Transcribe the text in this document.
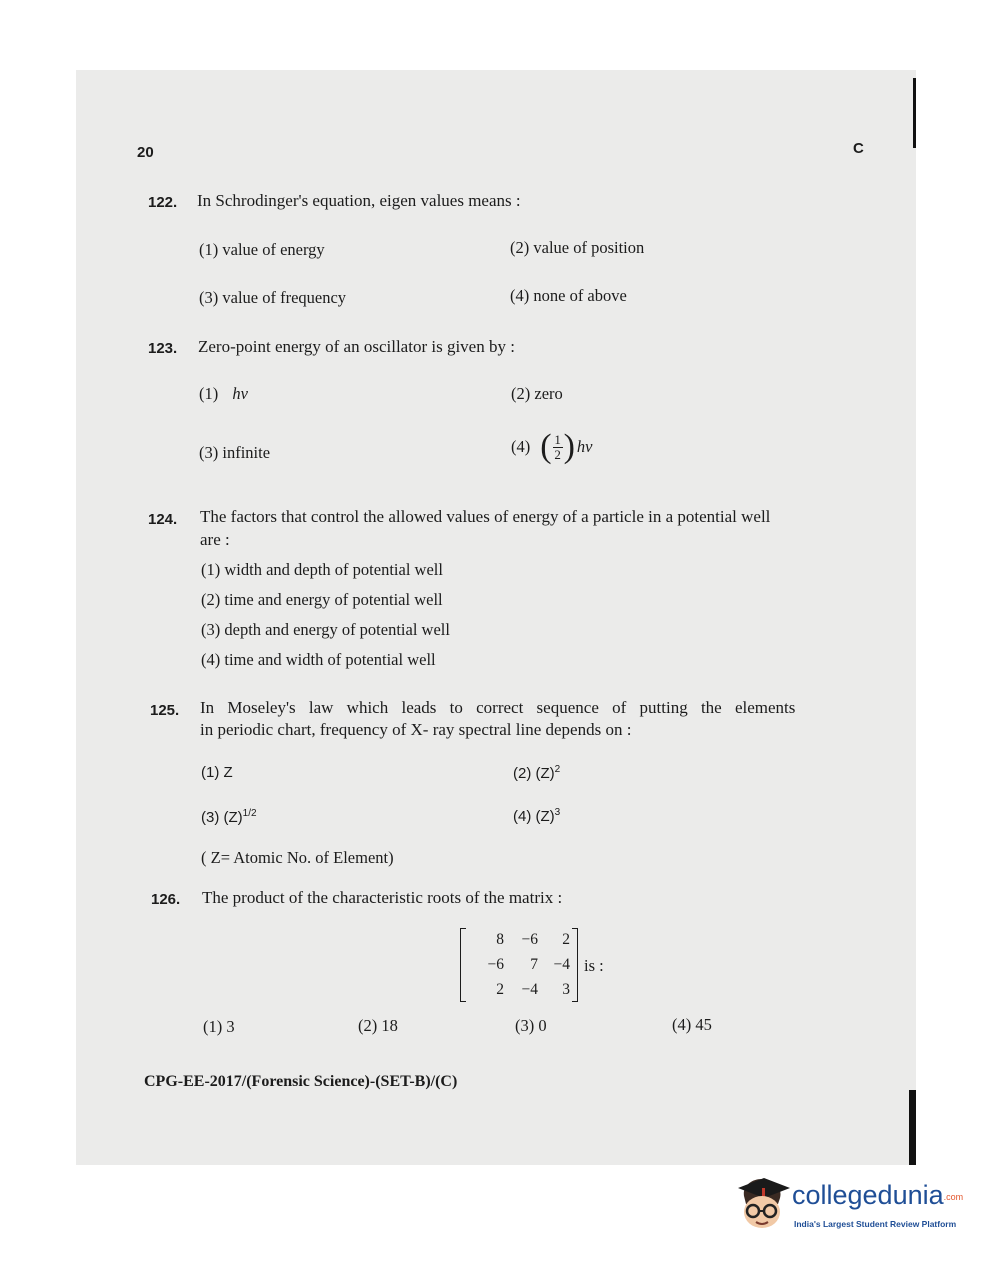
20	C
122. In Schrodinger's equation, eigen values means :
(1) value of energy	(2) value of position
(3) value of frequency	(4) none of above
123. Zero-point energy of an oscillator is given by :
(1) hv	(2) zero
(3) infinite	(4) ( $\frac{1}{2}$ ) hv
124. The factors that control the allowed values of energy of a particle in a potential well
are :
(1) width and depth of potential well
(2) time and energy of potential well
(3) depth and energy of potential well
(4) time and width of potential well
125. In Moseley's law which leads to correct sequence of putting the elements
in periodic chart, frequency of X- ray spectral line depends on :
(1) Z	(2) $(Z)^2$
(3) $(Z)^{1/2}$	(4) $(Z)^3$
( Z= Atomic No. of Element)
126. The product of the characteristic roots of the matrix :
8	−6	2
−6	7	−4
2	−4	3
is :
(1) 3	(2) 18	(3) 0	(4) 45
CPG-EE-2017/(Forensic Science)-(SET-B)/(C)
collegedunia.com
India's Largest Student Review Platform
